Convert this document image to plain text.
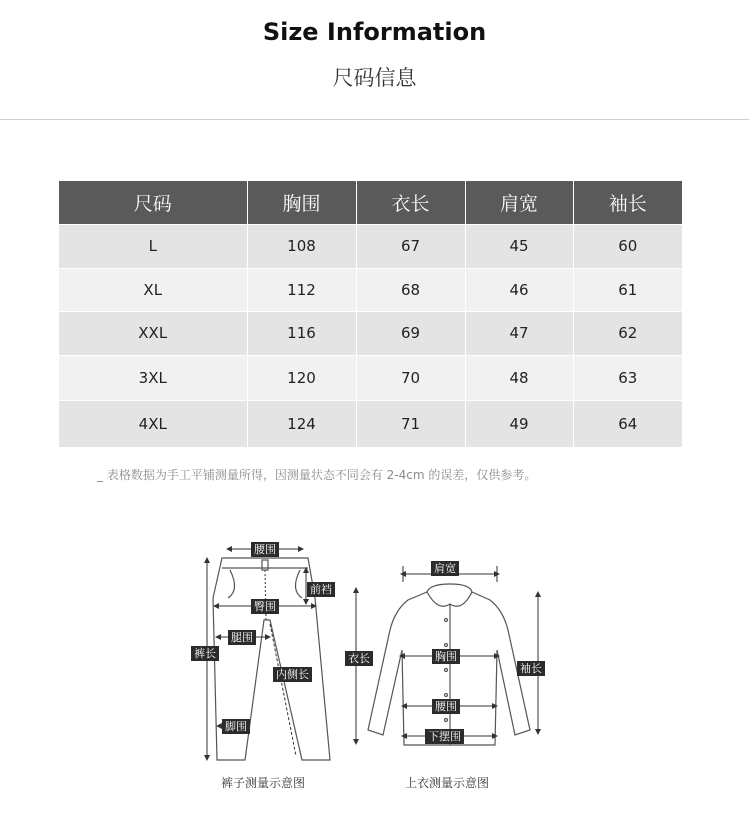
Size Information
尺码信息
尺码	胸围	衣长	肩宽	袖长
L	108	67	45	60
XL	112	68	46	61
XXL	116	69	47	62
3XL	120	70	48	63
4XL	124	71	49	64
_ 表格数据为手工平铺测量所得，因测量状态不同会有 2-4cm 的误差，仅供参考。
腰围
前裆
臀围
腿围
裤长
内侧长
脚围
裤子测量示意图
肩宽
衣长	胸围
袖长
腰围
下摆围
上衣测量示意图
